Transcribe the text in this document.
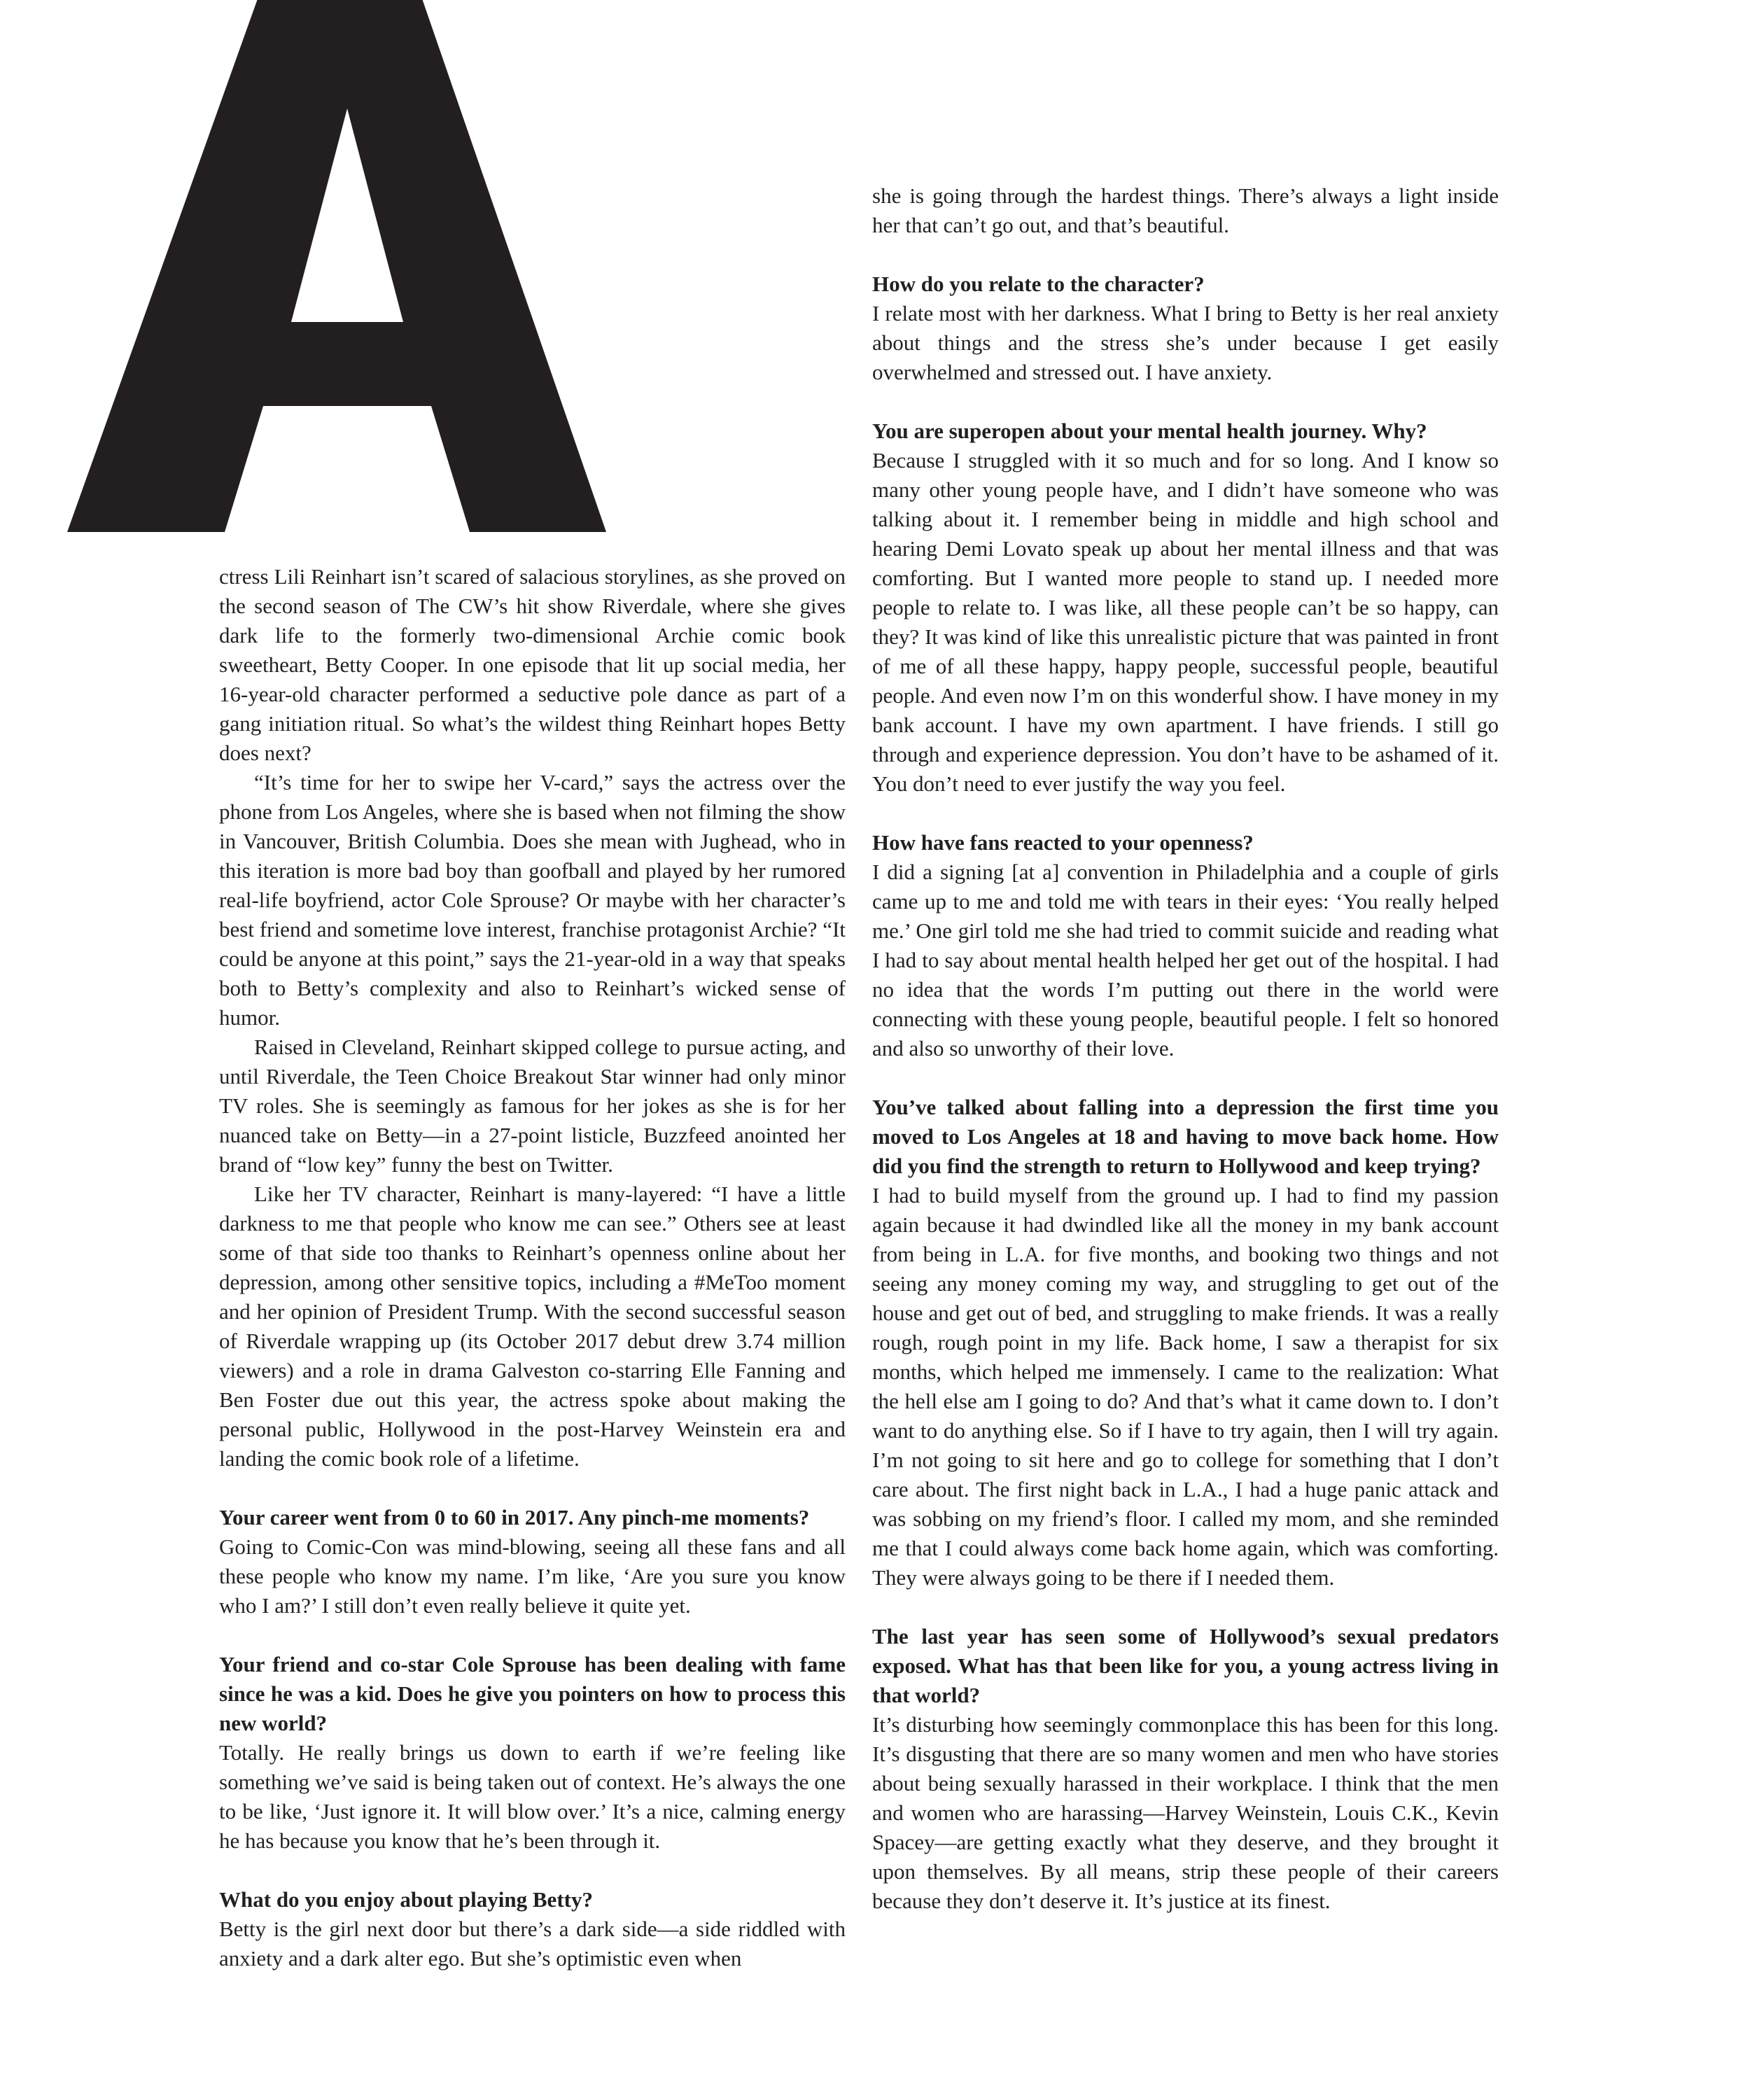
ctress Lili Reinhart isn’t scared of salacious storylines, as she proved on the second season of The CW’s hit show Riverdale, where she gives dark life to the formerly two-dimensional Archie comic book sweetheart, Betty Cooper. In one episode that lit up social media, her 16-year-old character performed a seductive pole dance as part of a gang initiation ritual. So what’s the wildest thing Reinhart hopes Betty does next?

“It’s time for her to swipe her V-card,” says the actress over the phone from Los Angeles, where she is based when not filming the show in Vancouver, British Columbia. Does she mean with Jughead, who in this iteration is more bad boy than goofball and played by her rumored real-life boyfriend, actor Cole Sprouse? Or maybe with her character’s best friend and sometime love interest, franchise protagonist Archie? “It could be anyone at this point,” says the 21-year-old in a way that speaks both to Betty’s complexity and also to Reinhart’s wicked sense of humor.

Raised in Cleveland, Reinhart skipped college to pursue acting, and until Riverdale, the Teen Choice Breakout Star winner had only minor TV roles. She is seemingly as famous for her jokes as she is for her nuanced take on Betty—in a 27-point listicle, Buzzfeed anointed her brand of “low key” funny the best on Twitter.

Like her TV character, Reinhart is many-layered: “I have a little darkness to me that people who know me can see.” Others see at least some of that side too thanks to Reinhart’s openness online about her depression, among other sensitive topics, including a #MeToo moment and her opinion of President Trump. With the second successful season of Riverdale wrapping up (its October 2017 debut drew 3.74 million viewers) and a role in drama Galveston co-starring Elle Fanning and Ben Foster due out this year, the actress spoke about making the personal public, Hollywood in the post-Harvey Weinstein era and landing the comic book role of a lifetime.

Your career went from 0 to 60 in 2017. Any pinch-me moments?

Going to Comic-Con was mind-blowing, seeing all these fans and all these people who know my name. I’m like, ‘Are you sure you know who I am?’ I still don’t even really believe it quite yet.

Your friend and co-star Cole Sprouse has been dealing with fame since he was a kid. Does he give you pointers on how to process this new world?

Totally. He really brings us down to earth if we’re feeling like something we’ve said is being taken out of context. He’s always the one to be like, ‘Just ignore it. It will blow over.’ It’s a nice, calming energy he has because you know that he’s been through it.

What do you enjoy about playing Betty?

Betty is the girl next door but there’s a dark side—a side riddled with anxiety and a dark alter ego. But she’s optimistic even when

she is going through the hardest things. There’s always a light inside her that can’t go out, and that’s beautiful.

How do you relate to the character?

I relate most with her darkness. What I bring to Betty is her real anxiety about things and the stress she’s under because I get easily overwhelmed and stressed out. I have anxiety.

You are superopen about your mental health journey. Why?

Because I struggled with it so much and for so long. And I know so many other young people have, and I didn’t have someone who was talking about it. I remember being in middle and high school and hearing Demi Lovato speak up about her mental illness and that was comforting. But I wanted more people to stand up. I needed more people to relate to. I was like, all these people can’t be so happy, can they? It was kind of like this unrealistic picture that was painted in front of me of all these happy, happy people, successful people, beautiful people. And even now I’m on this wonderful show. I have money in my bank account. I have my own apartment. I have friends. I still go through and experience depression. You don’t have to be ashamed of it. You don’t need to ever justify the way you feel.

How have fans reacted to your openness?

I did a signing [at a] convention in Philadelphia and a couple of girls came up to me and told me with tears in their eyes: ‘You really helped me.’ One girl told me she had tried to commit suicide and reading what I had to say about mental health helped her get out of the hospital. I had no idea that the words I’m putting out there in the world were connecting with these young people, beautiful people. I felt so honored and also so unworthy of their love.

You’ve talked about falling into a depression the first time you moved to Los Angeles at 18 and having to move back home. How did you find the strength to return to Hollywood and keep trying?

I had to build myself from the ground up. I had to find my passion again because it had dwindled like all the money in my bank account from being in L.A. for five months, and booking two things and not seeing any money coming my way, and struggling to get out of the house and get out of bed, and struggling to make friends. It was a really rough, rough point in my life. Back home, I saw a therapist for six months, which helped me immensely. I came to the realization: What the hell else am I going to do? And that’s what it came down to. I don’t want to do anything else. So if I have to try again, then I will try again. I’m not going to sit here and go to college for something that I don’t care about. The first night back in L.A., I had a huge panic attack and was sobbing on my friend’s floor. I called my mom, and she reminded me that I could always come back home again, which was comforting. They were always going to be there if I needed them.

The last year has seen some of Hollywood’s sexual predators exposed. What has that been like for you, a young actress living in that world?

It’s disturbing how seemingly commonplace this has been for this long. It’s disgusting that there are so many women and men who have stories about being sexually harassed in their workplace. I think that the men and women who are harassing—Harvey Weinstein, Louis C.K., Kevin Spacey—are getting exactly what they deserve, and they brought it upon themselves. By all means, strip these people of their careers because they don’t deserve it. It’s justice at its finest.
